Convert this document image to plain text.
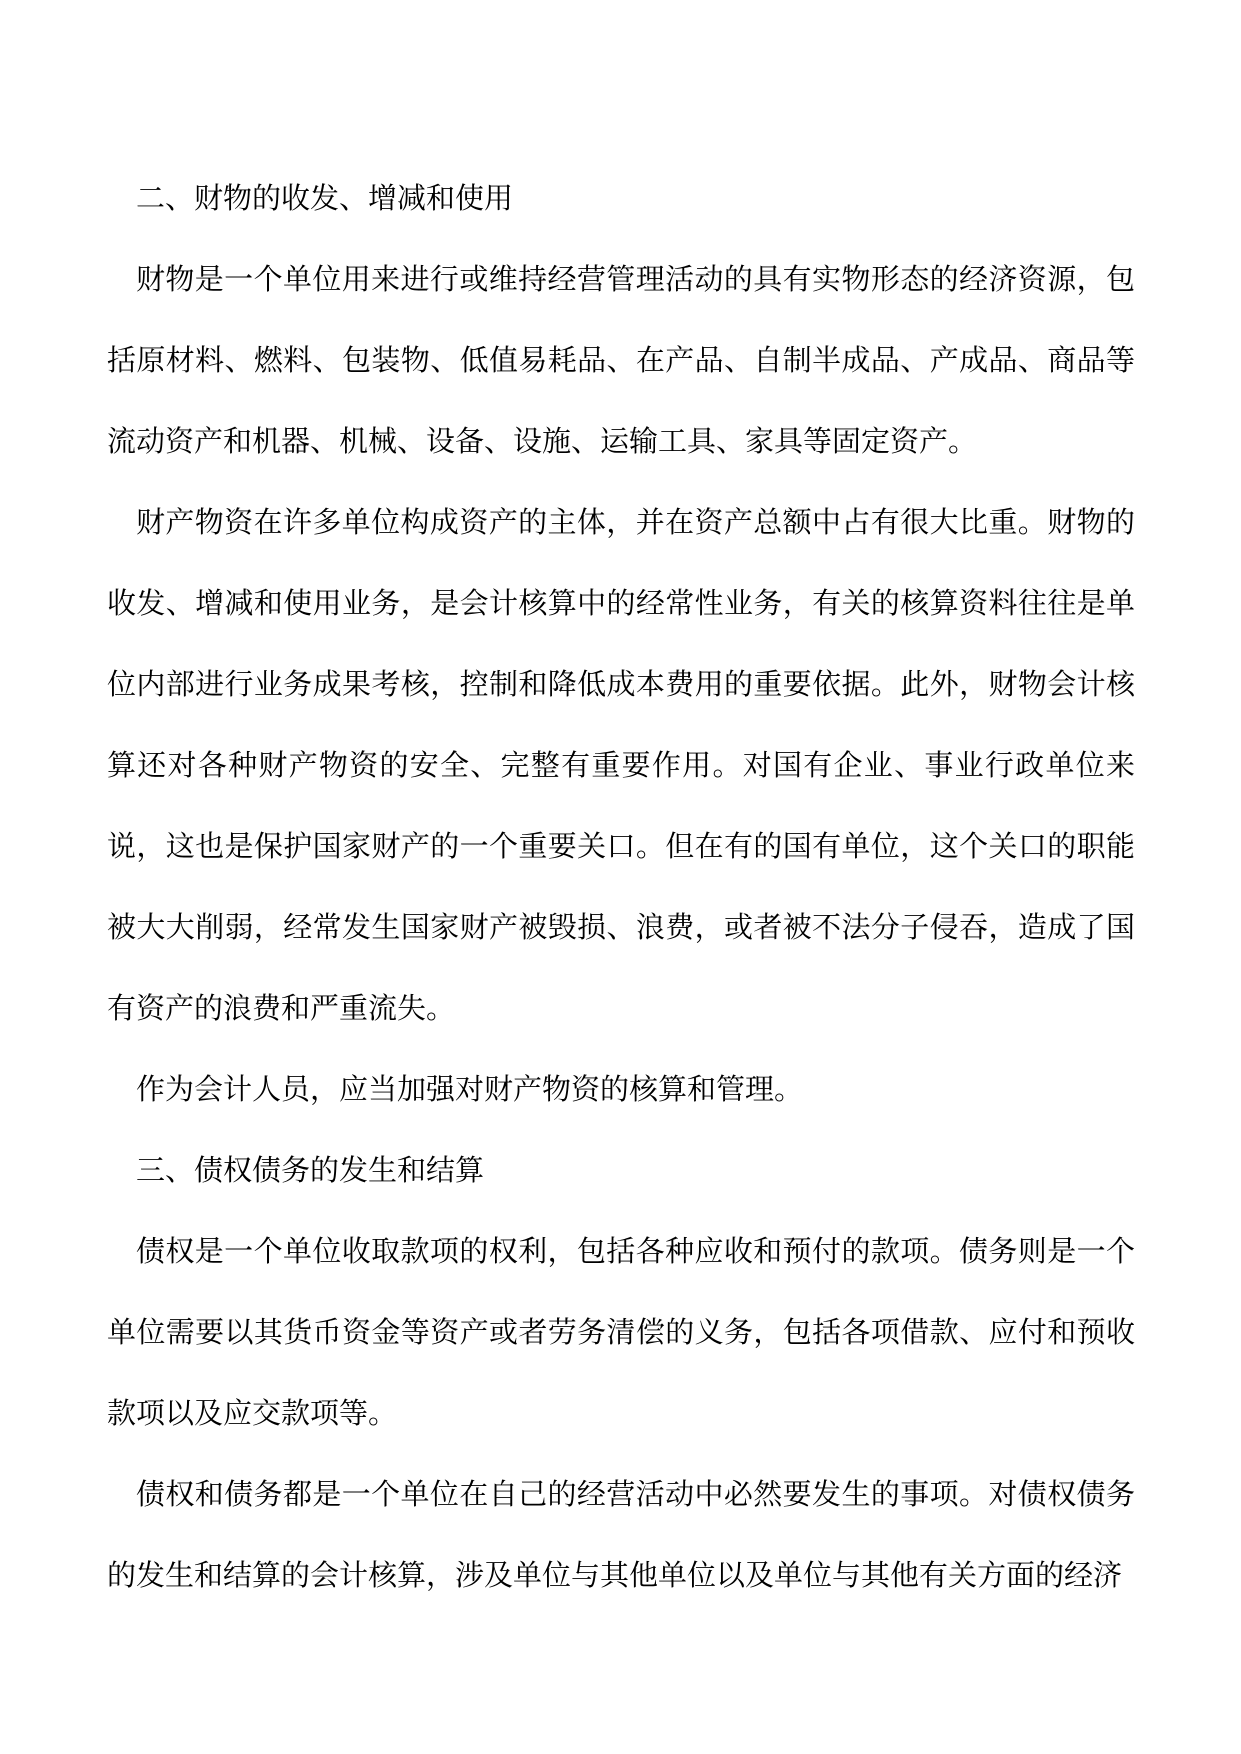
二、财物的收发、增减和使用

财物是一个单位用来进行或维持经营管理活动的具有实物形态的经济资源，包括原材料、燃料、包装物、低值易耗品、在产品、自制半成品、产成品、商品等流动资产和机器、机械、设备、设施、运输工具、家具等固定资产。

财产物资在许多单位构成资产的主体，并在资产总额中占有很大比重。财物的收发、增减和使用业务，是会计核算中的经常性业务，有关的核算资料往往是单位内部进行业务成果考核，控制和降低成本费用的重要依据。此外，财物会计核算还对各种财产物资的安全、完整有重要作用。对国有企业、事业行政单位来说，这也是保护国家财产的一个重要关口。但在有的国有单位，这个关口的职能被大大削弱，经常发生国家财产被毁损、浪费，或者被不法分子侵吞，造成了国有资产的浪费和严重流失。

作为会计人员，应当加强对财产物资的核算和管理。

三、债权债务的发生和结算

债权是一个单位收取款项的权利，包括各种应收和预付的款项。债务则是一个单位需要以其货币资金等资产或者劳务清偿的义务，包括各项借款、应付和预收款项以及应交款项等。

债权和债务都是一个单位在自己的经营活动中必然要发生的事项。对债权债务的发生和结算的会计核算，涉及单位与其他单位以及单位与其他有关方面的经济
